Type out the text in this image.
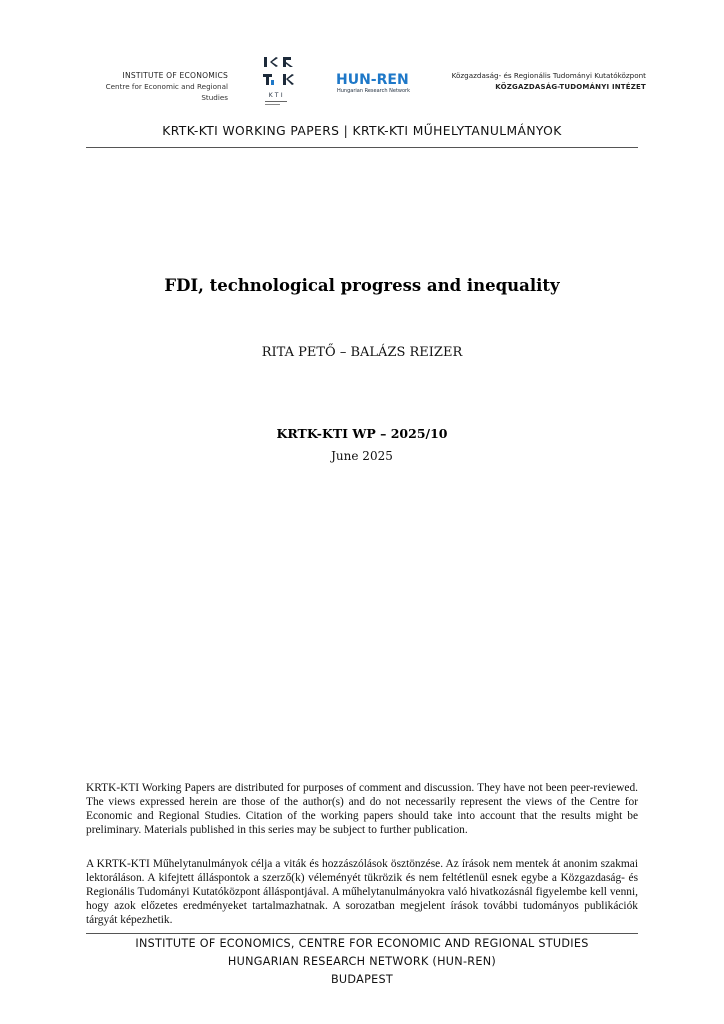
INSTITUTE OF ECONOMICS
Centre for Economic and Regional Studies	KTI
HUN-REN
Hungarian Research Network
Közgazdaság- és Regionális Tudományi Kutatóközpont
KÖZGAZDASÁG-TUDOMÁNYI INTÉZET
KRTK-KTI WORKING PAPERS | KRTK-KTI MŰHELYTANULMÁNYOK
FDI, technological progress and inequality
RITA PETŐ – BALÁZS REIZER
KRTK-KTI WP – 2025/10
June 2025

KRTK-KTI Working Papers are distributed for purposes of comment and discussion. They have not been peer-reviewed. The views expressed herein are those of the author(s) and do not necessarily represent the views of the Centre for Economic and Regional Studies. Citation of the working papers should take into account that the results might be preliminary. Materials published in this series may be subject to further publication.

A KRTK-KTI Műhelytanulmányok célja a viták és hozzászólások ösztönzése. Az írások nem mentek át anonim szakmai lektoráláson. A kifejtett álláspontok a szerző(k) véleményét tükrözik és nem feltétlenül esnek egybe a Közgazdaság- és Regionális Tudományi Kutatóközpont álláspontjával. A műhelytanulmányokra való hivatkozásnál figyelembe kell venni, hogy azok előzetes eredményeket tartalmazhatnak. A sorozatban megjelent írások további tudományos publikációk tárgyát képezhetik.

INSTITUTE OF ECONOMICS, CENTRE FOR ECONOMIC AND REGIONAL STUDIES
HUNGARIAN RESEARCH NETWORK (HUN-REN)
BUDAPEST
